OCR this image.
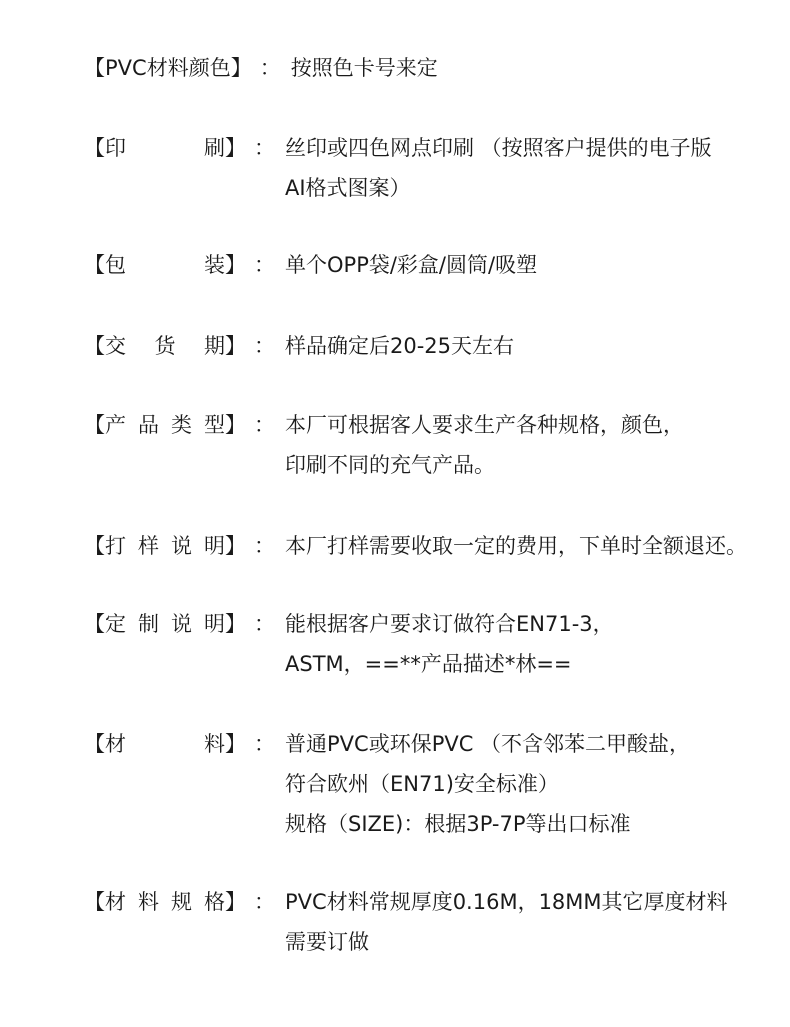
【 PVC材料颜色 】 ： 按照色卡号来定
【 印	刷 】 ： 丝印或四色网点印刷 （按照客户提供的电子版
AI格式图案）
【 包	装 】 ： 单个OPP袋/彩盒/圆筒/吸塑
【 交 货 期 】 ： 样品确定后20-25天左右
【 产 品 类 型 】 ： 本厂可根据客人要求生产各种规格，颜色，
印刷不同的充气产品。
【 打 样 说 明 】 ： 本厂打样需要收取一定的费用，下单时全额退还。
【 定 制 说 明 】 ： 能根据客户要求订做符合EN71-3，
ASTM，==**产品描述*林==
【 材	料 】 ： 普通PVC或环保PVC （不含邻苯二甲酸盐，
符合欧州（EN71)安全标准）
规格（SIZE)：根据3P-7P等出口标准
【 材 料 规 格 】 ： PVC材料常规厚度0.16M，18MM其它厚度材料
需要订做
